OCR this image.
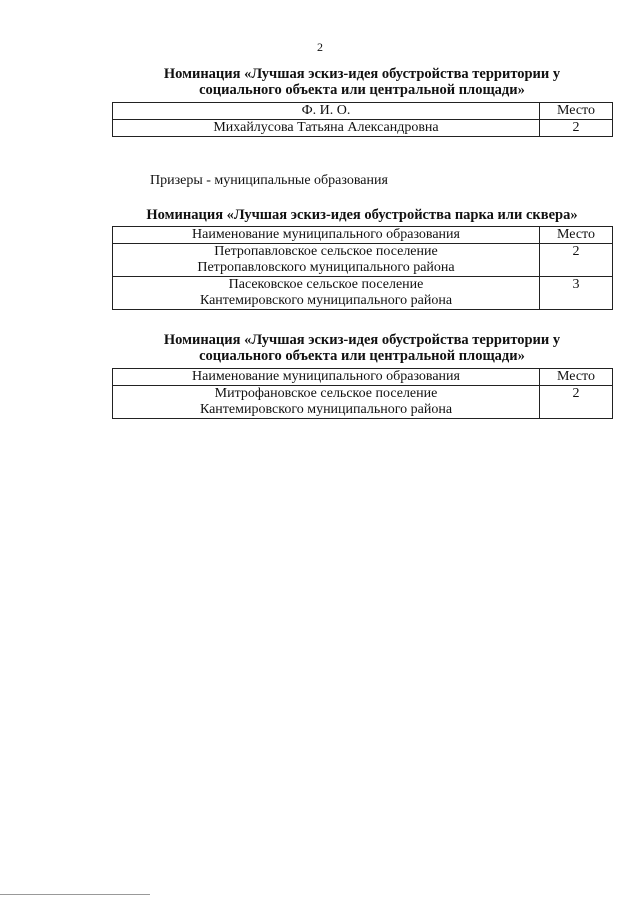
2
Номинация «Лучшая эскиз-идея обустройства территории у
социального объекта или центральной площади»
Ф. И. О.	Место
Михайлусова Татьяна Александровна	2
Призеры - муниципальные образования
Номинация «Лучшая эскиз-идея обустройства парка или сквера»
Наименование муниципального образования	Место

Петропавловское сельское поселение
Петропавловского муниципального района	2

Пасековское сельское поселение
Кантемировского муниципального района	3
Номинация «Лучшая эскиз-идея обустройства территории у
социального объекта или центральной площади»
Наименование муниципального образования	Место

Митрофановское сельское поселение
Кантемировского муниципального района	2
